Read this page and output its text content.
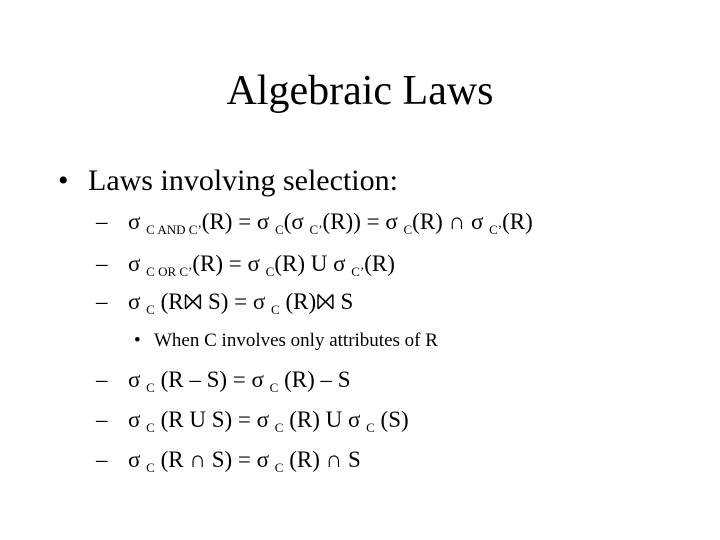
Algebraic Laws
• Laws involving selection:
– σ $_{C AND C’}$(R) = σ $_C$(σ $_{C’}$(R)) = σ $_C$(R) ∩ σ $_{C’}$(R)
– σ $_{C OR C’}$(R) = σ $_C$(R) U σ $_{C’}$(R)
– σ $_C$ (R⨝ S) = σ $_C$ (R)⨝ S
• When C involves only attributes of R
– σ $_C$ (R – S) = σ $_C$ (R) – S
– σ $_C$ (R U S) = σ $_C$ (R) U σ $_C$ (S)
– σ $_C$ (R ∩ S) = σ $_C$ (R) ∩ S
